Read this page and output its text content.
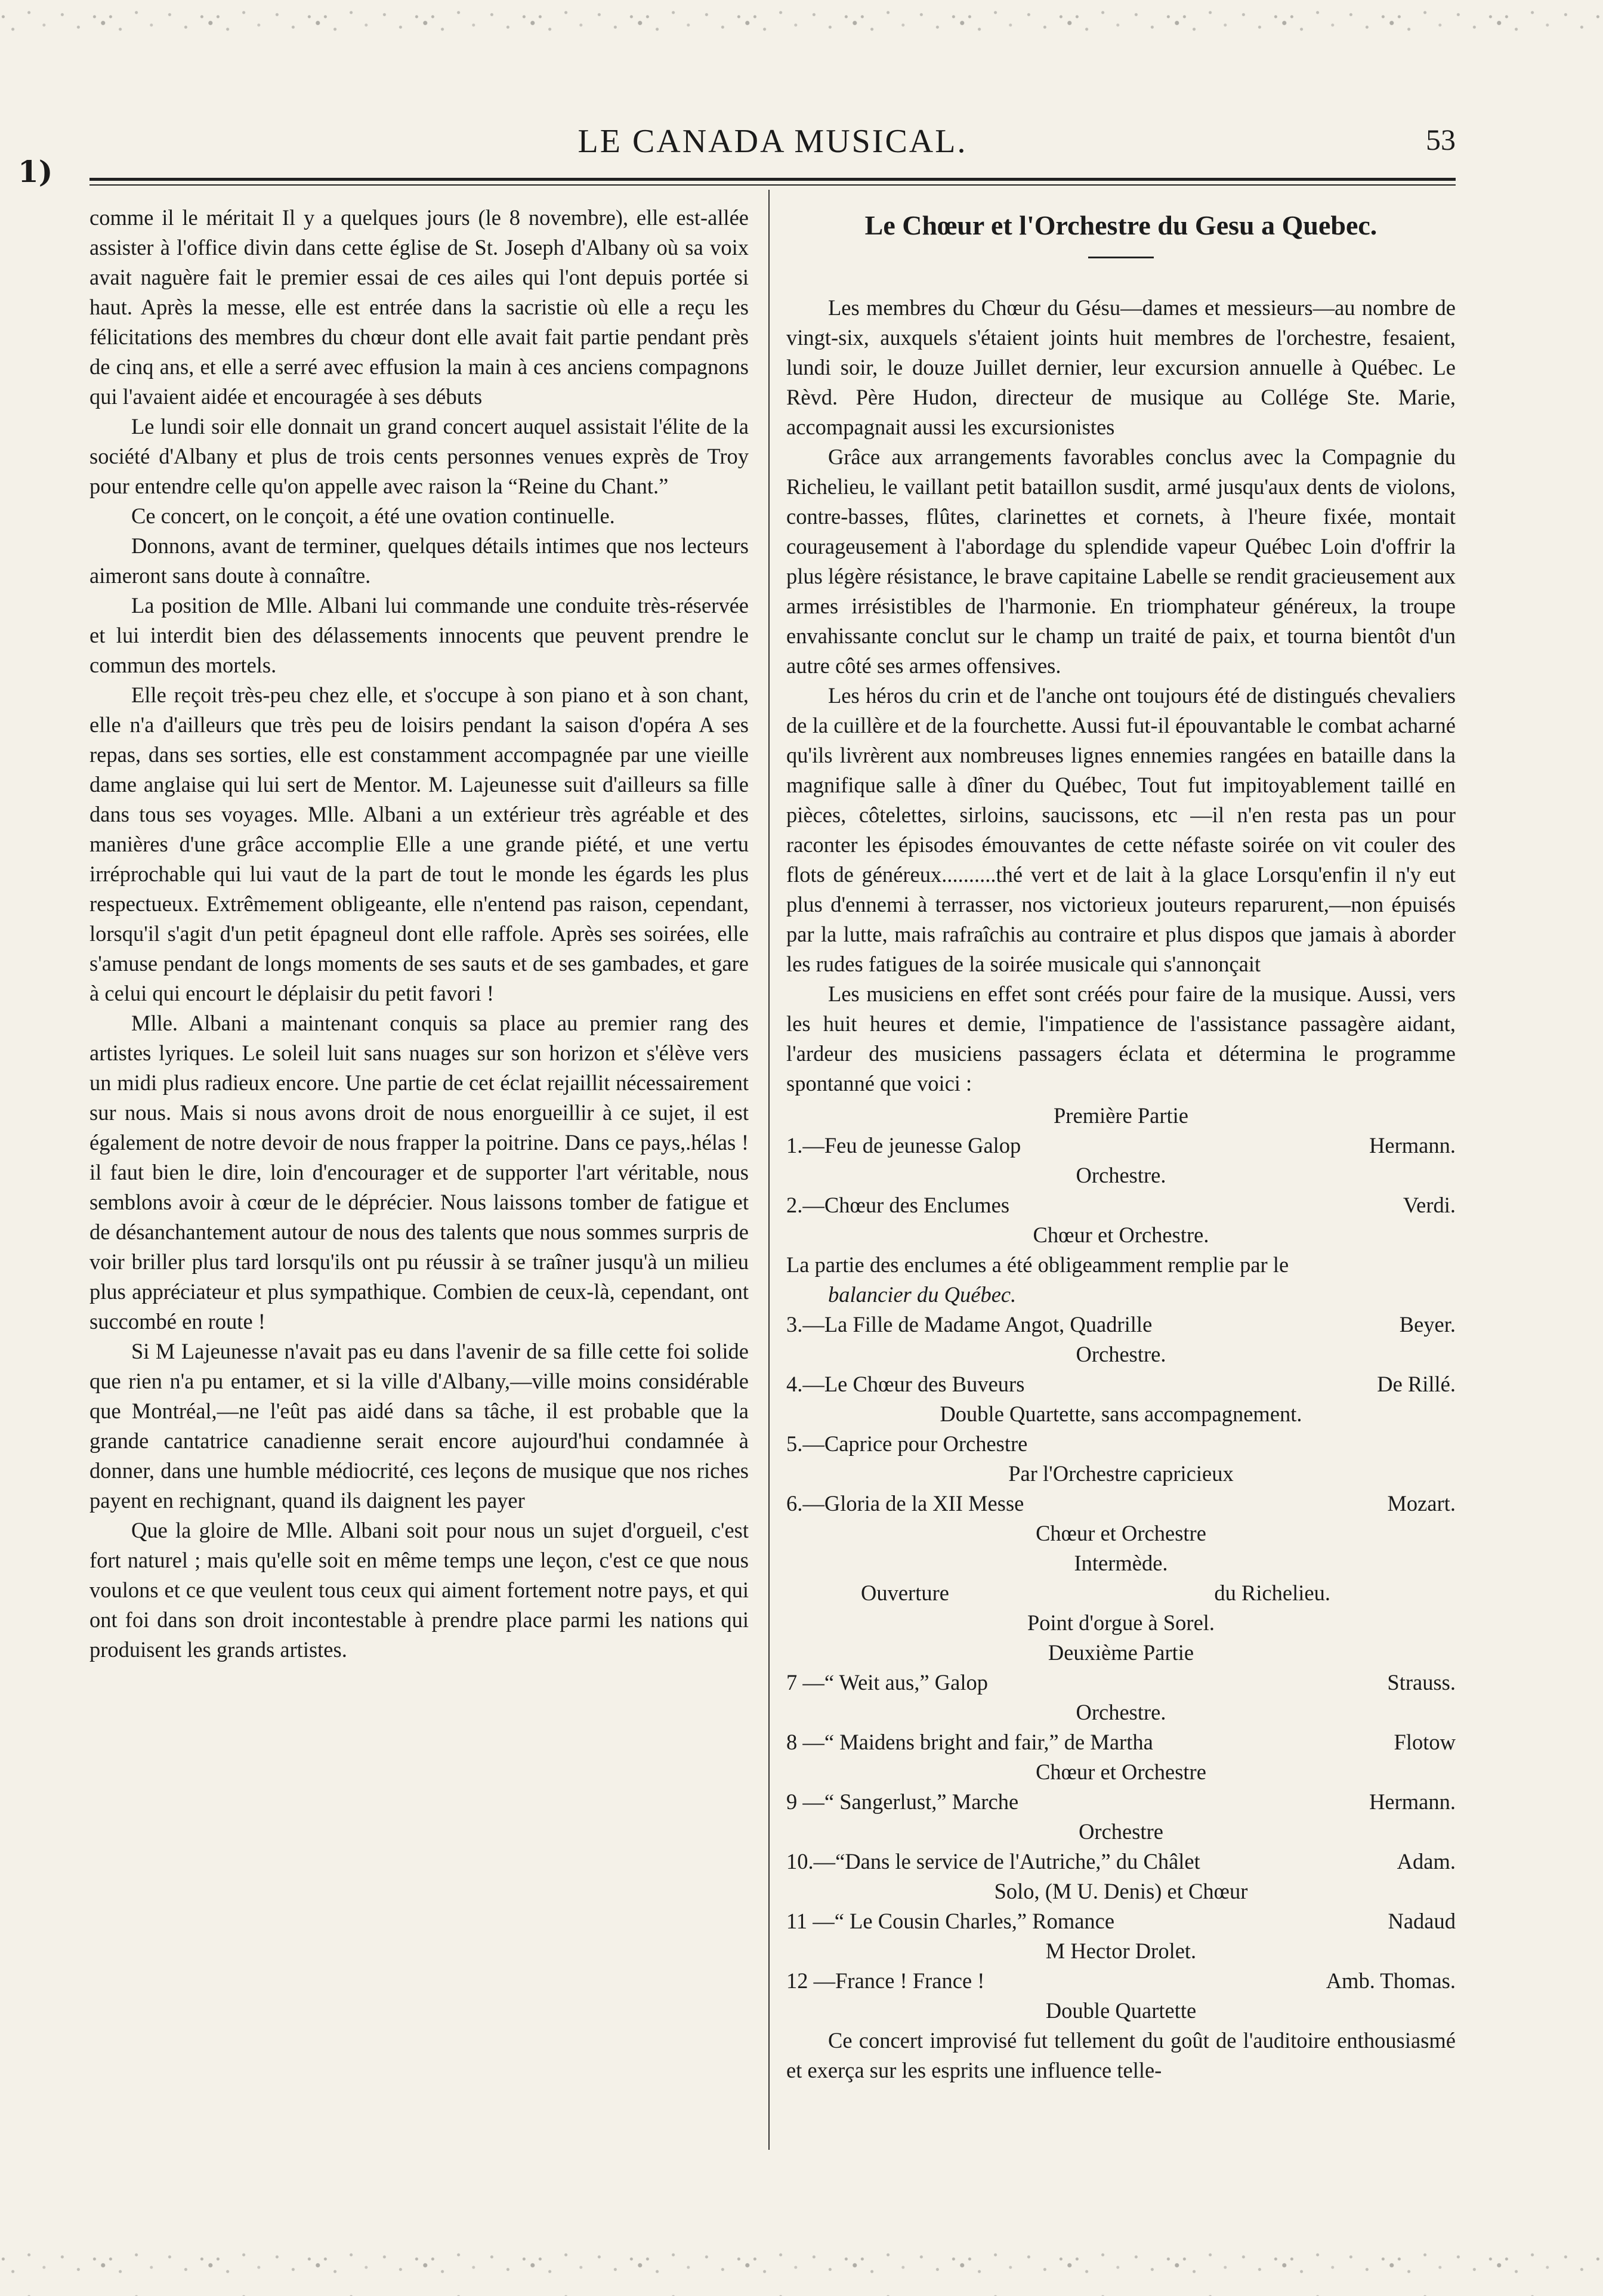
1)
LE CANADA MUSICAL.	53

comme il le méritait Il y a quelques jours (le 8 novembre), elle est-allée assister à l'office divin dans cette église de St. Joseph d'Albany où sa voix avait naguère fait le premier essai de ces ailes qui l'ont depuis portée si haut. Après la messe, elle est entrée dans la sacristie où elle a reçu les félicitations des membres du chœur dont elle avait fait partie pendant près de cinq ans, et elle a serré avec effusion la main à ces anciens compagnons qui l'avaient aidée et encouragée à ses débuts

Le lundi soir elle donnait un grand concert auquel assistait l'élite de la société d'Albany et plus de trois cents personnes venues exprès de Troy pour entendre celle qu'on appelle avec raison la “Reine du Chant.”

Ce concert, on le conçoit, a été une ovation continuelle.

Donnons, avant de terminer, quelques détails intimes que nos lecteurs aimeront sans doute à connaître.

La position de Mlle. Albani lui commande une conduite très-réservée et lui interdit bien des délassements innocents que peuvent prendre le commun des mortels.

Elle reçoit très-peu chez elle, et s'occupe à son piano et à son chant, elle n'a d'ailleurs que très peu de loisirs pendant la saison d'opéra A ses repas, dans ses sorties, elle est constamment accompagnée par une vieille dame anglaise qui lui sert de Mentor. M. Lajeunesse suit d'ailleurs sa fille dans tous ses voyages. Mlle. Albani a un extérieur très agréable et des manières d'une grâce accomplie Elle a une grande piété, et une vertu irréprochable qui lui vaut de la part de tout le monde les égards les plus respectueux. Extrêmement obligeante, elle n'entend pas raison, cependant, lorsqu'il s'agit d'un petit épagneul dont elle raffole. Après ses soirées, elle s'amuse pendant de longs moments de ses sauts et de ses gambades, et gare à celui qui encourt le déplaisir du petit favori !

Mlle. Albani a maintenant conquis sa place au premier rang des artistes lyriques. Le soleil luit sans nuages sur son horizon et s'élève vers un midi plus radieux encore. Une partie de cet éclat rejaillit nécessairement sur nous. Mais si nous avons droit de nous enorgueillir à ce sujet, il est également de notre devoir de nous frapper la poitrine. Dans ce pays,.hélas ! il faut bien le dire, loin d'encourager et de supporter l'art véritable, nous semblons avoir à cœur de le déprécier. Nous laissons tomber de fatigue et de désanchantement autour de nous des talents que nous sommes surpris de voir briller plus tard lorsqu'ils ont pu réussir à se traîner jusqu'à un milieu plus appréciateur et plus sympathique. Combien de ceux-là, cependant, ont succombé en route !

Si M Lajeunesse n'avait pas eu dans l'avenir de sa fille cette foi solide que rien n'a pu entamer, et si la ville d'Albany,—ville moins considérable que Montréal,—ne l'eût pas aidé dans sa tâche, il est probable que la grande cantatrice canadienne serait encore aujourd'hui condamnée à donner, dans une humble médiocrité, ces leçons de musique que nos riches payent en rechignant, quand ils daignent les payer

Que la gloire de Mlle. Albani soit pour nous un sujet d'orgueil, c'est fort naturel ; mais qu'elle soit en même temps une leçon, c'est ce que nous voulons et ce que veulent tous ceux qui aiment fortement notre pays, et qui ont foi dans son droit incontestable à prendre place parmi les nations qui produisent les grands artistes.

Le Chœur et l'Orchestre du Gesu a Quebec.

Les membres du Chœur du Gésu—dames et messieurs—au nombre de vingt-six, auxquels s'étaient joints huit membres de l'orchestre, fesaient, lundi soir, le douze Juillet dernier, leur excursion annuelle à Québec. Le Rèvd. Père Hudon, directeur de musique au Collége Ste. Marie, accompagnait aussi les excursionistes

Grâce aux arrangements favorables conclus avec la Compagnie du Richelieu, le vaillant petit bataillon susdit, armé jusqu'aux dents de violons, contre-basses, flûtes, clarinettes et cornets, à l'heure fixée, montait courageusement à l'abordage du splendide vapeur Québec Loin d'offrir la plus légère résistance, le brave capitaine Labelle se rendit gracieusement aux armes irrésistibles de l'harmonie. En triomphateur généreux, la troupe envahissante conclut sur le champ un traité de paix, et tourna bientôt d'un autre côté ses armes offensives.

Les héros du crin et de l'anche ont toujours été de distingués chevaliers de la cuillère et de la fourchette. Aussi fut-il épouvantable le combat acharné qu'ils livrèrent aux nombreuses lignes ennemies rangées en bataille dans la magnifique salle à dîner du Québec, Tout fut impitoyablement taillé en pièces, côtelettes, sirloins, saucissons, etc —il n'en resta pas un pour raconter les épisodes émouvantes de cette néfaste soirée on vit couler des flots de généreux..........thé vert et de lait à la glace Lorsqu'enfin il n'y eut plus d'ennemi à terrasser, nos victorieux jouteurs reparurent,—non épuisés par la lutte, mais rafraîchis au contraire et plus dispos que jamais à aborder les rudes fatigues de la soirée musicale qui s'annonçait

Les musiciens en effet sont créés pour faire de la musique. Aussi, vers les huit heures et demie, l'impatience de l'assistance passagère aidant, l'ardeur des musiciens passagers éclata et détermina le programme spontanné que voici :

Première Partie

1.—Feu de jeunesse Galop	Hermann.
Orchestre.
2.—Chœur des Enclumes	Verdi.
Chœur et Orchestre.
La partie des enclumes a été obligeamment remplie par le
balancier du Québec.
3.—La Fille de Madame Angot, Quadrille	Beyer.
Orchestre.
4.—Le Chœur des Buveurs	De Rillé.
Double Quartette, sans accompagnement.
5.—Caprice pour Orchestre
Par l'Orchestre capricieux
6.—Gloria de la XII Messe	Mozart.
Chœur et Orchestre

Intermède.

Ouverture	du Richelieu.
Point d'orgue à Sorel.

Deuxième Partie

7 —“ Weit aus,” Galop	Strauss.
Orchestre.
8 —“ Maidens bright and fair,” de Martha	Flotow
Chœur et Orchestre
9 —“ Sangerlust,” Marche	Hermann.
Orchestre
10.—“Dans le service de l'Autriche,” du Châlet	Adam.
Solo, (M U. Denis) et Chœur
11 —“ Le Cousin Charles,” Romance	Nadaud
M Hector Drolet.
12 —France ! France !	Amb. Thomas.
Double Quartette

Ce concert improvisé fut tellement du goût de l'auditoire enthousiasmé et exerça sur les esprits une influence telle-
